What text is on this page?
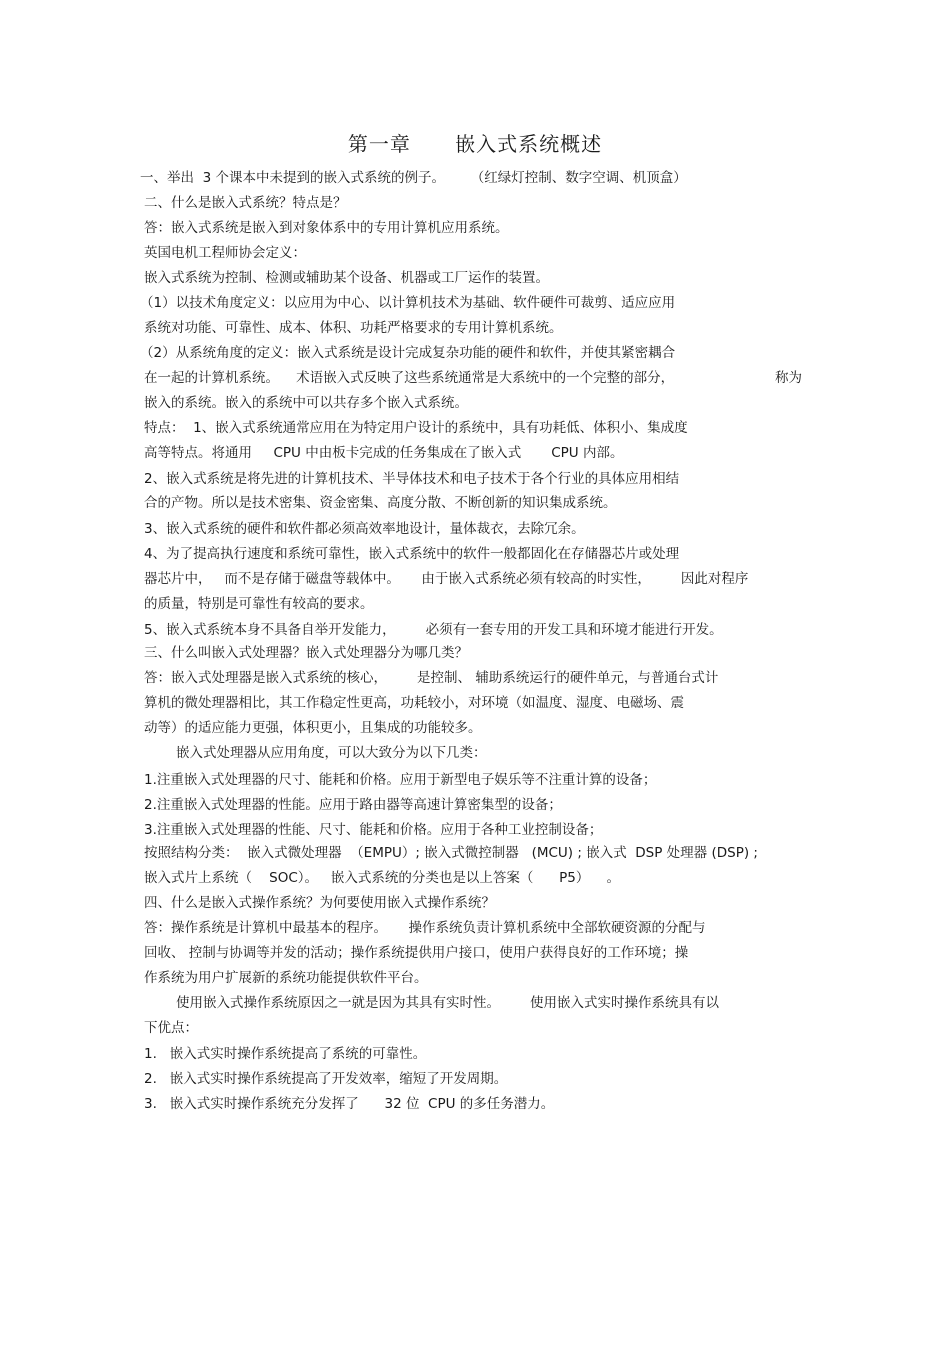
第一章      嵌入式系统概述
一、举出  3 个课本中未提到的嵌入式系统的例子。      （红绿灯控制、数字空调、机顶盒）
二、什么是嵌入式系统？特点是？
答：嵌入式系统是嵌入到对象体系中的专用计算机应用系统。
英国电机工程师协会定义：
嵌入式系统为控制、检测或辅助某个设备、机器或工厂运作的装置。
（1）以技术角度定义：以应用为中心、以计算机技术为基础、软件硬件可裁剪、适应应用
系统对功能、可靠性、成本、体积、功耗严格要求的专用计算机系统。
（2）从系统角度的定义：嵌入式系统是设计完成复杂功能的硬件和软件，并使其紧密耦合
在一起的计算机系统。    术语嵌入式反映了这些系统通常是大系统中的一个完整的部分，	称为
嵌入的系统。嵌入的系统中可以共存多个嵌入式系统。
特点：  1、嵌入式系统通常应用在为特定用户设计的系统中，具有功耗低、体积小、集成度
高等特点。将通用     CPU 中由板卡完成的任务集成在了嵌入式       CPU 内部。
2、嵌入式系统是将先进的计算机技术、半导体技术和电子技术于各个行业的具体应用相结
合的产物。所以是技术密集、资金密集、高度分散、不断创新的知识集成系统。
3、嵌入式系统的硬件和软件都必须高效率地设计，量体裁衣，去除冗余。
4、为了提高执行速度和系统可靠性，嵌入式系统中的软件一般都固化在存储器芯片或处理
器芯片中，   而不是存储于磁盘等载体中。     由于嵌入式系统必须有较高的时实性，       因此对程序
的质量，特别是可靠性有较高的要求。
5、嵌入式系统本身不具备自举开发能力，       必须有一套专用的开发工具和环境才能进行开发。
三、什么叫嵌入式处理器？嵌入式处理器分为哪几类？
答：嵌入式处理器是嵌入式系统的核心，       是控制、 辅助系统运行的硬件单元，与普通台式计
算机的微处理器相比，其工作稳定性更高，功耗较小，对环境（如温度、湿度、电磁场、震
动等）的适应能力更强，体积更小，且集成的功能较多。
嵌入式处理器从应用角度，可以大致分为以下几类：
1.注重嵌入式处理器的尺寸、能耗和价格。应用于新型电子娱乐等不注重计算的设备；
2.注重嵌入式处理器的性能。应用于路由器等高速计算密集型的设备；
3.注重嵌入式处理器的性能、尺寸、能耗和价格。应用于各种工业控制设备；
按照结构分类：  嵌入式微处理器  （EMPU）; 嵌入式微控制器   (MCU) ; 嵌入式  DSP 处理器 (DSP) ;
嵌入式片上系统（    SOC）。   嵌入式系统的分类也是以上答案（      P5）    。
四、什么是嵌入式操作系统？为何要使用嵌入式操作系统？
答：操作系统是计算机中最基本的程序。     操作系统负责计算机系统中全部软硬资源的分配与
回收、 控制与协调等并发的活动；操作系统提供用户接口，使用户获得良好的工作环境；操
作系统为用户扩展新的系统功能提供软件平台。
使用嵌入式操作系统原因之一就是因为其具有实时性。       使用嵌入式实时操作系统具有以
下优点：
1.   嵌入式实时操作系统提高了系统的可靠性。
2.   嵌入式实时操作系统提高了开发效率，缩短了开发周期。
3.   嵌入式实时操作系统充分发挥了      32 位  CPU 的多任务潜力。
